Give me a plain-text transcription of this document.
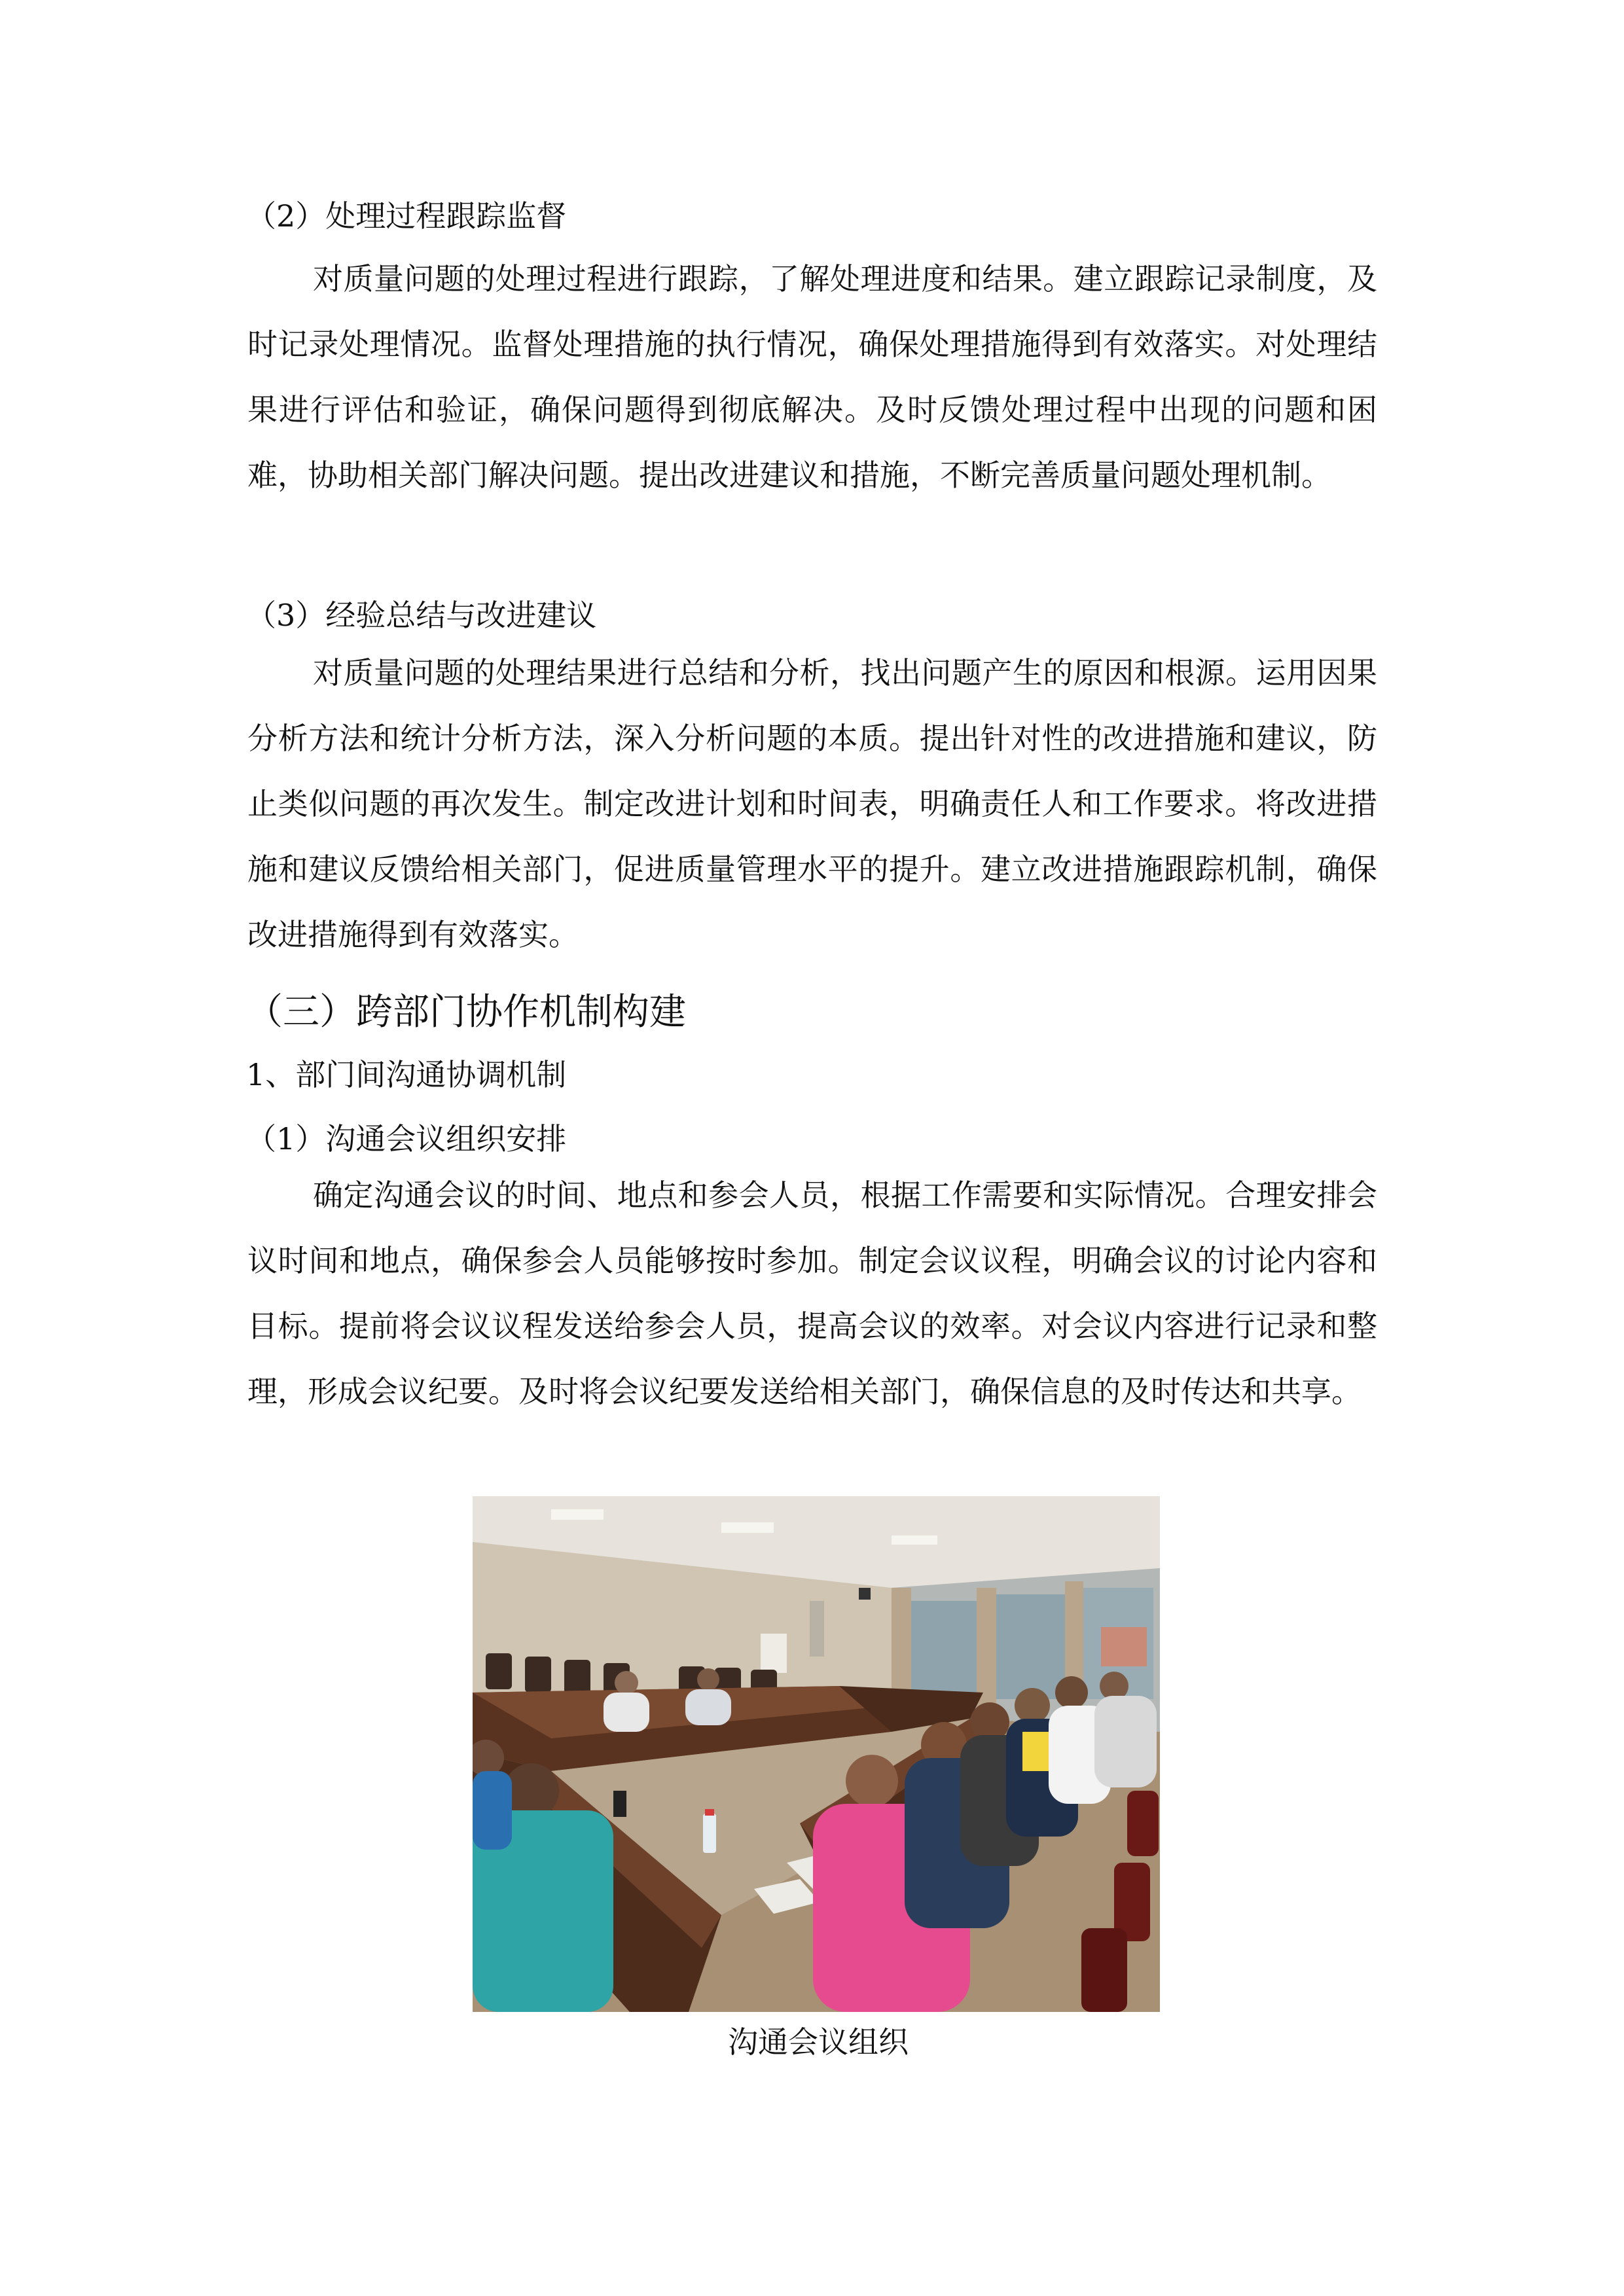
（2）处理过程跟踪监督

对质量问题的处理过程进行跟踪，了解处理进度和结果。建立跟踪记录制度，及时记录处理情况。监督处理措施的执行情况，确保处理措施得到有效落实。对处理结果进行评估和验证，确保问题得到彻底解决。及时反馈处理过程中出现的问题和困难，协助相关部门解决问题。提出改进建议和措施，不断完善质量问题处理机制。

（3）经验总结与改进建议

对质量问题的处理结果进行总结和分析，找出问题产生的原因和根源。运用因果分析方法和统计分析方法，深入分析问题的本质。提出针对性的改进措施和建议，防止类似问题的再次发生。制定改进计划和时间表，明确责任人和工作要求。将改进措施和建议反馈给相关部门，促进质量管理水平的提升。建立改进措施跟踪机制，确保改进措施得到有效落实。

（三）跨部门协作机制构建
1、部门间沟通协调机制
（1）沟通会议组织安排

确定沟通会议的时间、地点和参会人员，根据工作需要和实际情况。合理安排会议时间和地点，确保参会人员能够按时参加。制定会议议程，明确会议的讨论内容和目标。提前将会议议程发送给参会人员，提高会议的效率。对会议内容进行记录和整理，形成会议纪要。及时将会议纪要发送给相关部门，确保信息的及时传达和共享。

沟通会议组织
